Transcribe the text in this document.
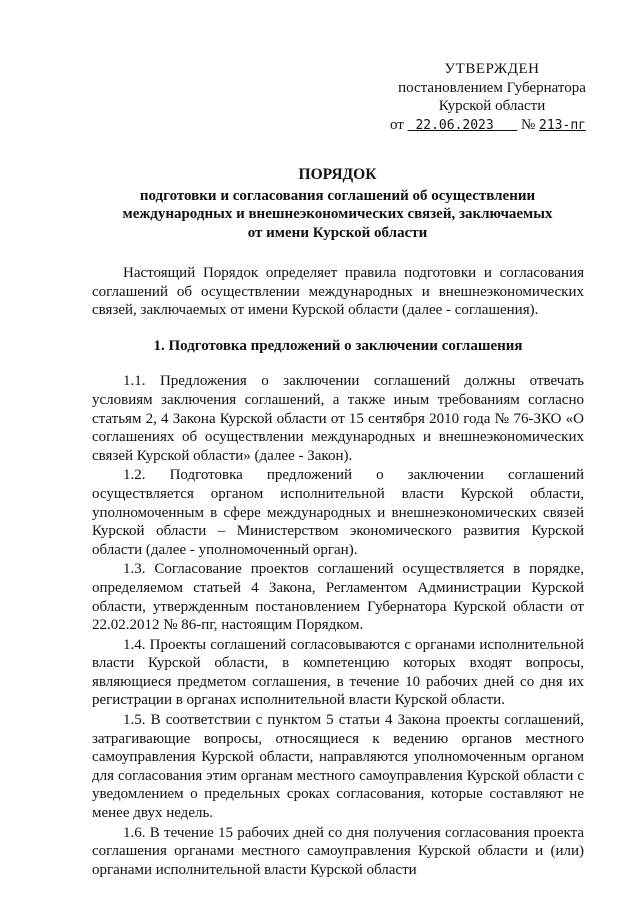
УТВЕРЖДЕН
постановлением Губернатора
Курской области
от 22.06.2023 № 213-пг
ПОРЯДОК
подготовки и согласования соглашений об осуществлении
международных и внешнеэкономических связей, заключаемых
от имени Курской области

Настоящий Порядок определяет правила подготовки и согласования соглашений об осуществлении международных и внешнеэкономических связей, заключаемых от имени Курской области (далее - соглашения).

1. Подготовка предложений о заключении соглашения

1.1. Предложения о заключении соглашений должны отвечать условиям заключения соглашений, а также иным требованиям согласно статьям 2, 4 Закона Курской области от 15 сентября 2010 года № 76-ЗКО «О соглашениях об осуществлении международных и внешнеэкономических связей Курской области» (далее - Закон).

1.2. Подготовка предложений о заключении соглашений осуществляется органом исполнительной власти Курской области, уполномоченным в сфере международных и внешнеэкономических связей Курской области – Министерством экономического развития Курской области (далее - уполномоченный орган).

1.3. Согласование проектов соглашений осуществляется в порядке, определяемом статьей 4 Закона, Регламентом Администрации Курской области, утвержденным постановлением Губернатора Курской области от 22.02.2012 № 86-пг, настоящим Порядком.

1.4. Проекты соглашений согласовываются с органами исполнительной власти Курской области, в компетенцию которых входят вопросы, являющиеся предметом соглашения, в течение 10 рабочих дней со дня их регистрации в органах исполнительной власти Курской области.

1.5. В соответствии с пунктом 5 статьи 4 Закона проекты соглашений, затрагивающие вопросы, относящиеся к ведению органов местного самоуправления Курской области, направляются уполномоченным органом для согласования этим органам местного самоуправления Курской области с уведомлением о предельных сроках согласования, которые составляют не менее двух недель.

1.6. В течение 15 рабочих дней со дня получения согласования проекта соглашения органами местного самоуправления Курской области и (или) органами исполнительной власти Курской области
